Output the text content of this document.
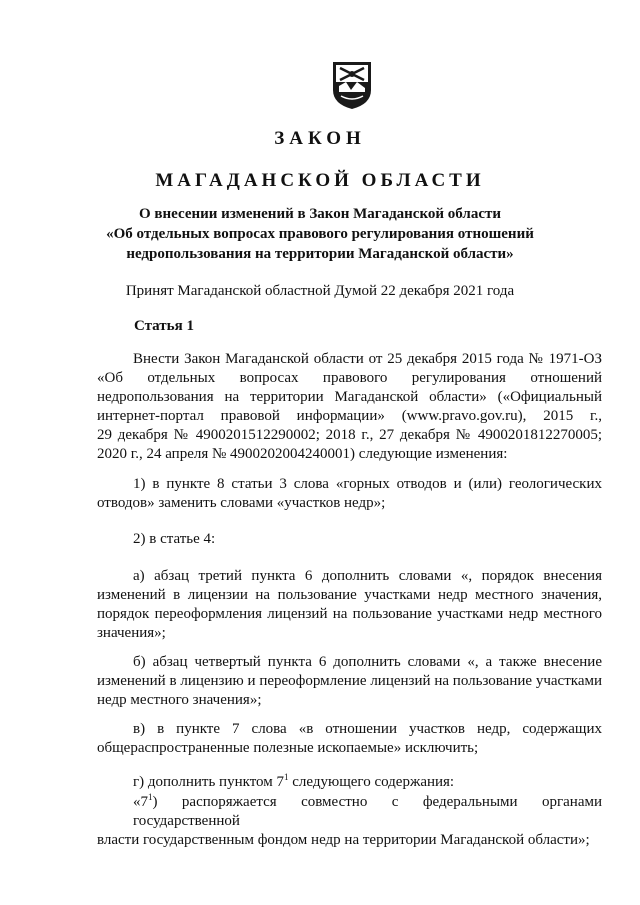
ЗАКОН
МАГАДАНСКОЙ ОБЛАСТИ
О внесении изменений в Закон Магаданской области
«Об отдельных вопросах правового регулирования отношений
недропользования на территории Магаданской области»
Принят Магаданской областной Думой 22 декабря 2021 года
Статья 1
Внести Закон Магаданской области от 25 декабря 2015 года № 1971-ОЗ
«Об отдельных вопросах правового регулирования отношений
недропользования на территории Магаданской области» («Официальный
интернет-портал правовой информации» (www.pravo.gov.ru), 2015 г.,
29 декабря № 4900201512290002; 2018 г., 27 декабря № 4900201812270005;
2020 г., 24 апреля № 4900202004240001) следующие изменения:
1) в пункте 8 статьи 3 слова «горных отводов и (или) геологических
отводов» заменить словами «участков недр»;
2) в статье 4:
а) абзац третий пункта 6 дополнить словами «, порядок внесения
изменений в лицензии на пользование участками недр местного значения,
порядок переоформления лицензий на пользование участками недр местного
значения»;
б) абзац четвертый пункта 6 дополнить словами «, а также внесение
изменений в лицензию и переоформление лицензий на пользование участками
недр местного значения»;
в) в пункте 7 слова «в отношении участков недр, содержащих
общераспространенные полезные ископаемые» исключить;
г) дополнить пунктом $7^1$ следующего содержания:
«$7^1$) распоряжается совместно с федеральными органами государственной
власти государственным фондом недр на территории Магаданской области»;
